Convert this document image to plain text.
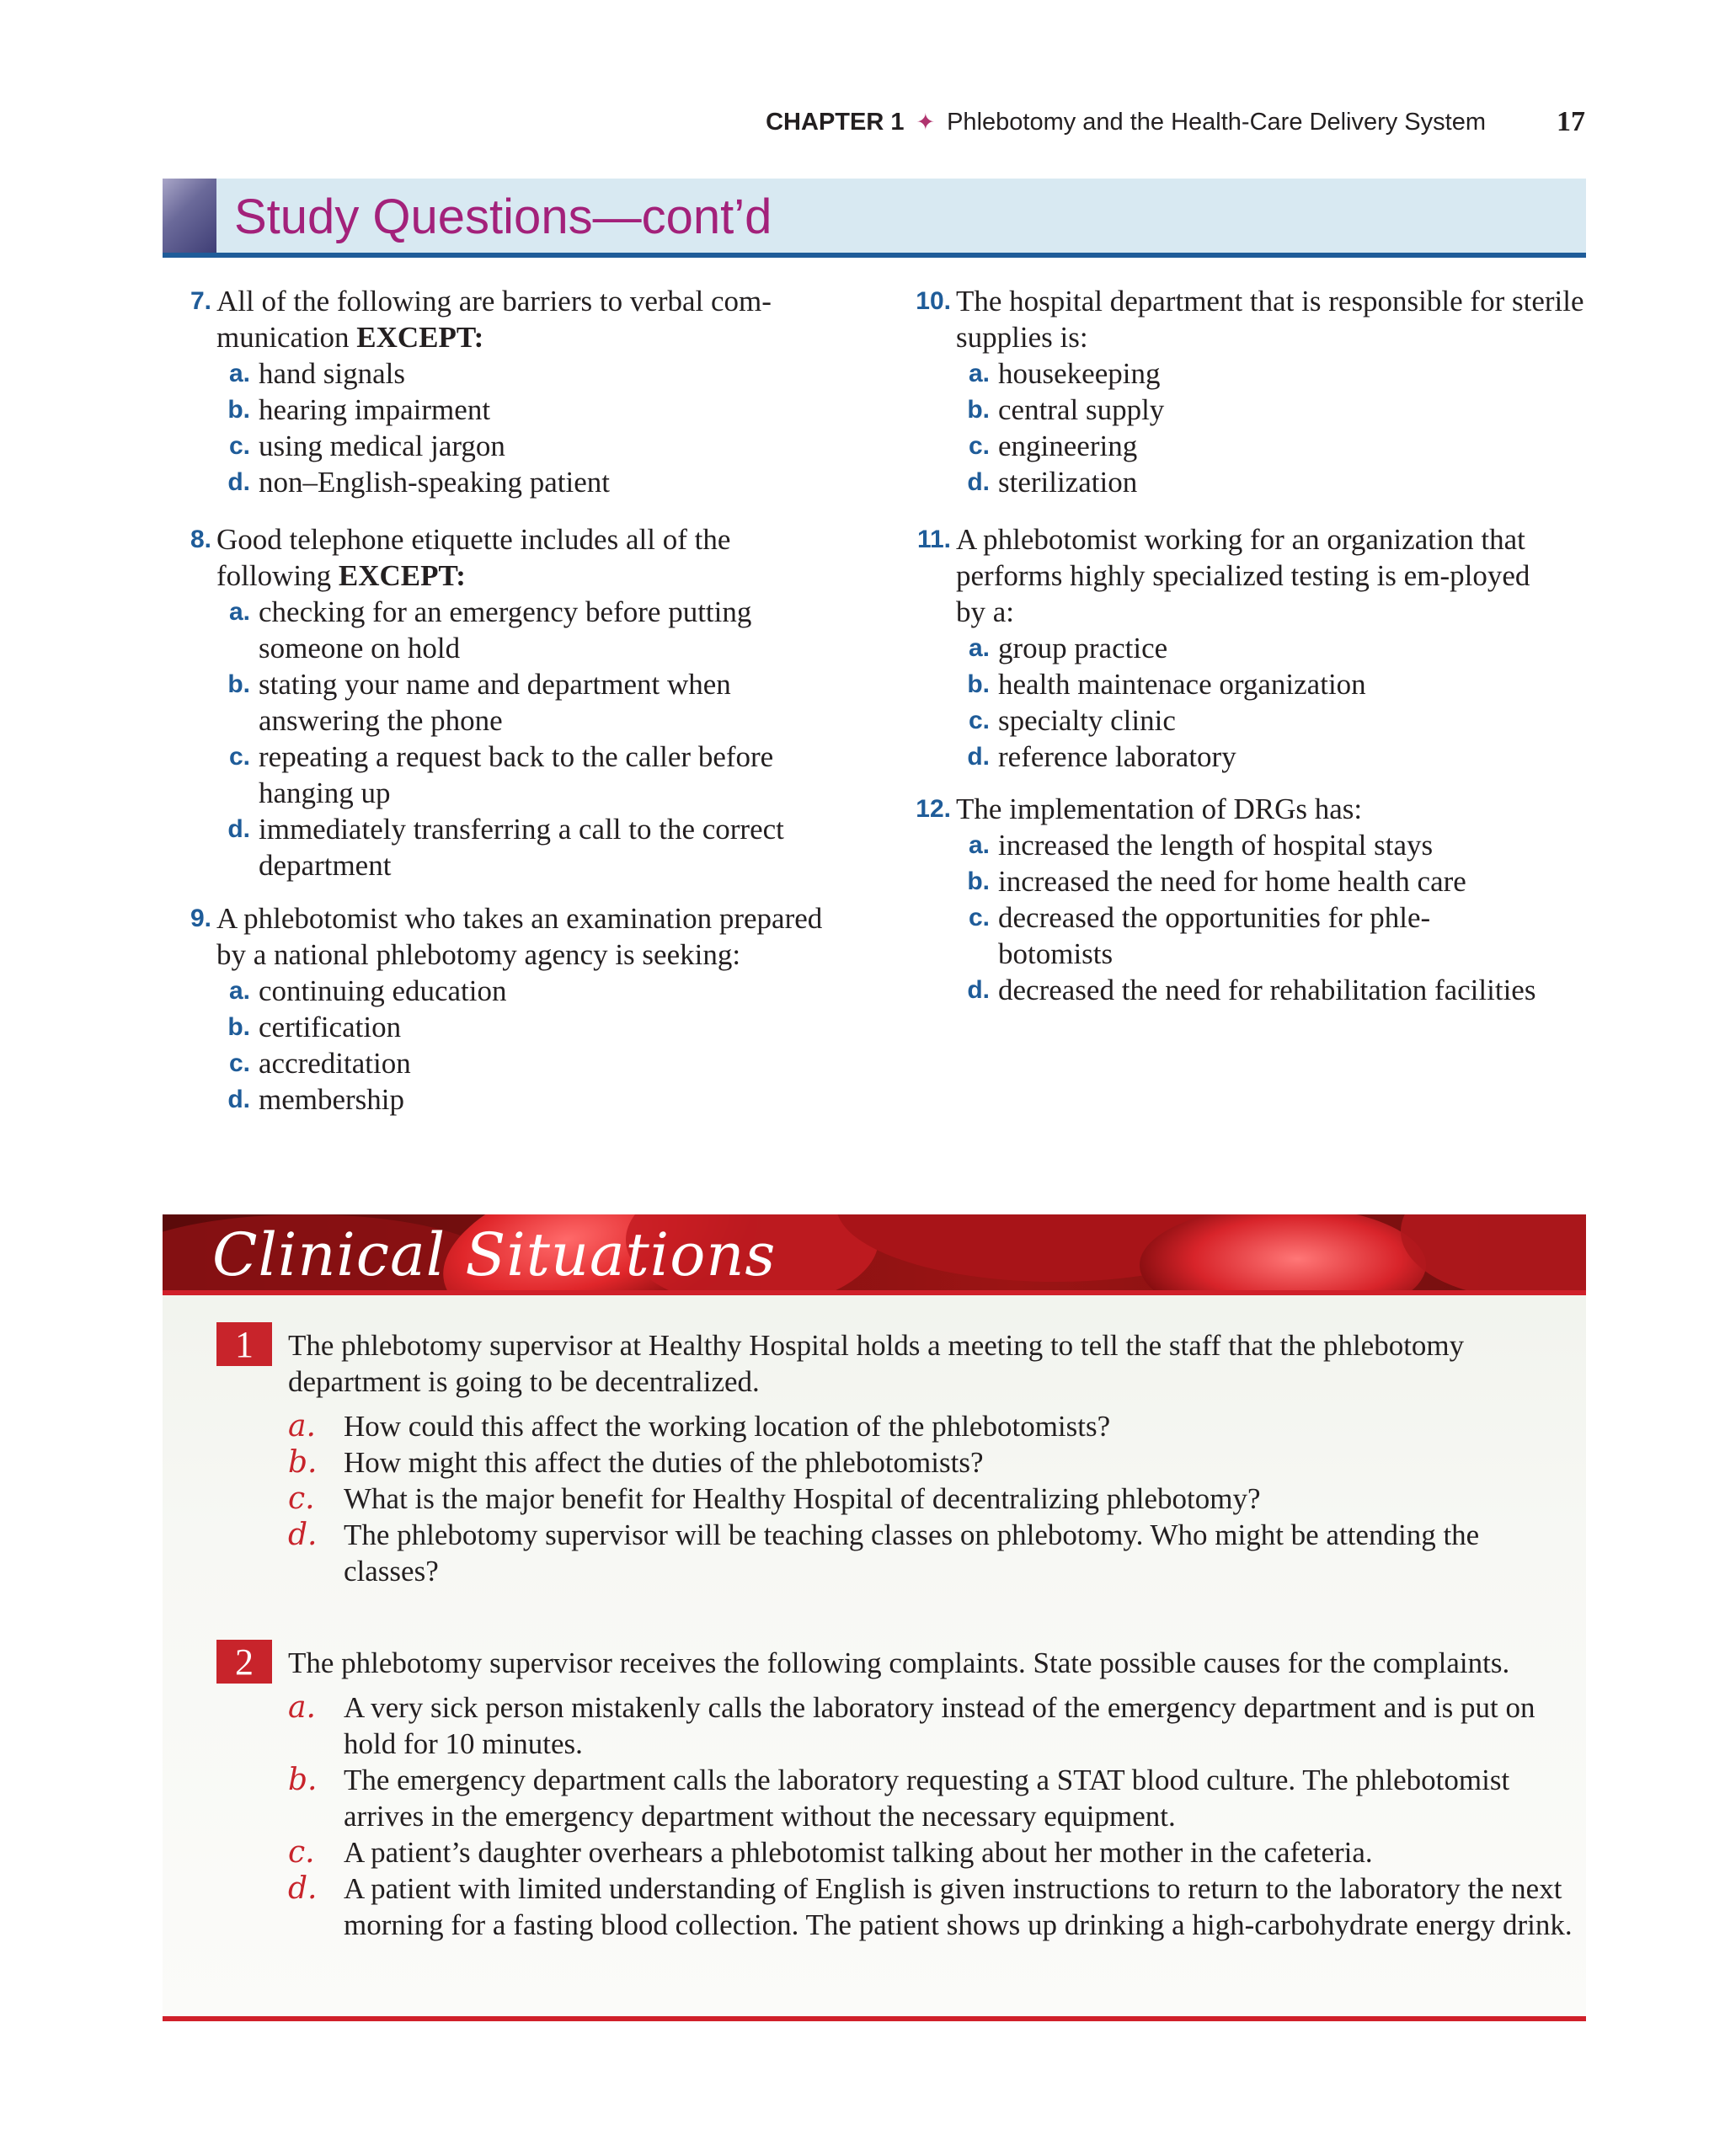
CHAPTER 1 ✦ Phlebotomy and the Health-Care Delivery System 17
Study Questions—cont’d
7. All of the following are barriers to verbal com-
munication EXCEPT:
a. hand signals
b. hearing impairment
c. using medical jargon
d. non–English-speaking patient
8. Good telephone etiquette includes all of the
following EXCEPT:
a. checking for an emergency before putting someone on hold
b. stating your name and department when answering the phone
c. repeating a request back to the caller before hanging up
d. immediately transferring a call to the correct department
9. A phlebotomist who takes an examination prepared by a national phlebotomy agency is seeking:
a. continuing education
b. certification
c. accreditation
d. membership
10. The hospital department that is responsible for sterile supplies is:
a. housekeeping
b. central supply
c. engineering
d. sterilization
11. A phlebotomist working for an organization that performs highly specialized testing is em-ployed by a:
a. group practice
b. health maintenace organization
c. specialty clinic
d. reference laboratory
12. The implementation of DRGs has:
a. increased the length of hospital stays
b. increased the need for home health care
c. decreased the opportunities for phle-botomists
d. decreased the need for rehabilitation facilities
Clinical Situations
1	The phlebotomy supervisor at Healthy Hospital holds a meeting to tell the staff that the phlebotomy department is going to be decentralized.
a. How could this affect the working location of the phlebotomists?
b. How might this affect the duties of the phlebotomists?
c. What is the major benefit for Healthy Hospital of decentralizing phlebotomy?
d. The phlebotomy supervisor will be teaching classes on phlebotomy. Who might be attending the classes?
2	The phlebotomy supervisor receives the following complaints. State possible causes for the complaints.
a. A very sick person mistakenly calls the laboratory instead of the emergency department and is put on hold for 10 minutes.
b. The emergency department calls the laboratory requesting a STAT blood culture. The phlebotomist arrives in the emergency department without the necessary equipment.
c. A patient’s daughter overhears a phlebotomist talking about her mother in the cafeteria.
d. A patient with limited understanding of English is given instructions to return to the laboratory the next morning for a fasting blood collection. The patient shows up drinking a high-carbohydrate energy drink.
